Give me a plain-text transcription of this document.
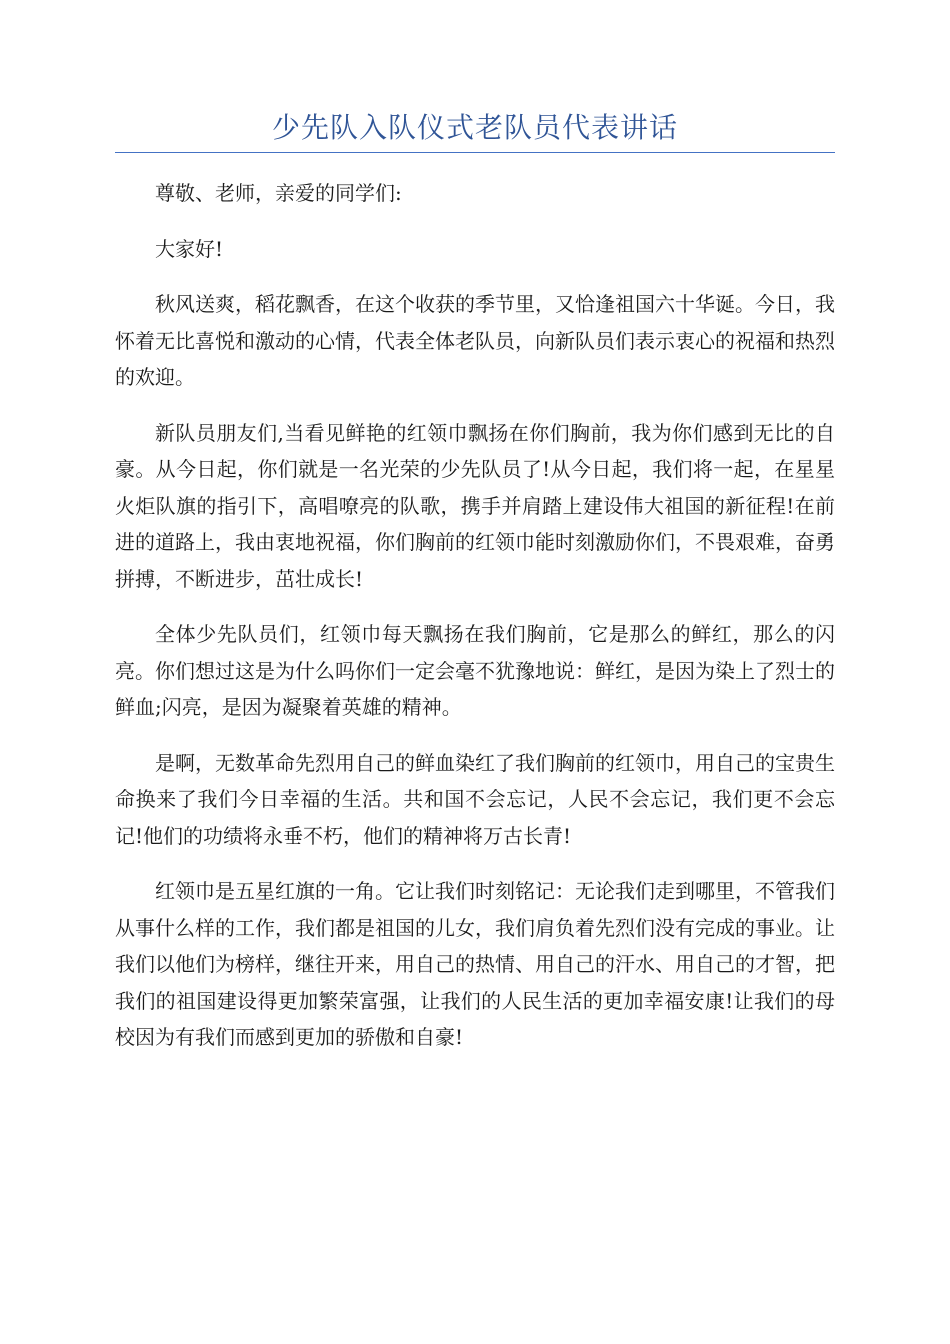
少先队入队仪式老队员代表讲话

尊敬、老师，亲爱的同学们:

大家好!

秋风送爽，稻花飘香，在这个收获的季节里，又恰逢祖国六十华诞。今日，我怀着无比喜悦和激动的心情，代表全体老队员，向新队员们表示衷心的祝福和热烈的欢迎。

新队员朋友们,当看见鲜艳的红领巾飘扬在你们胸前，我为你们感到无比的自豪。从今日起，你们就是一名光荣的少先队员了!从今日起，我们将一起，在星星火炬队旗的指引下，高唱嘹亮的队歌，携手并肩踏上建设伟大祖国的新征程!在前进的道路上，我由衷地祝福，你们胸前的红领巾能时刻激励你们，不畏艰难，奋勇拼搏，不断进步，茁壮成长!

全体少先队员们，红领巾每天飘扬在我们胸前，它是那么的鲜红，那么的闪亮。你们想过这是为什么吗你们一定会毫不犹豫地说：鲜红，是因为染上了烈士的鲜血;闪亮，是因为凝聚着英雄的精神。

是啊，无数革命先烈用自己的鲜血染红了我们胸前的红领巾，用自己的宝贵生命换来了我们今日幸福的生活。共和国不会忘记，人民不会忘记，我们更不会忘记!他们的功绩将永垂不朽，他们的精神将万古长青!

红领巾是五星红旗的一角。它让我们时刻铭记：无论我们走到哪里，不管我们从事什么样的工作，我们都是祖国的儿女，我们肩负着先烈们没有完成的事业。让我们以他们为榜样，继往开来，用自己的热情、用自己的汗水、用自己的才智，把我们的祖国建设得更加繁荣富强，让我们的人民生活的更加幸福安康!让我们的母校因为有我们而感到更加的骄傲和自豪!
